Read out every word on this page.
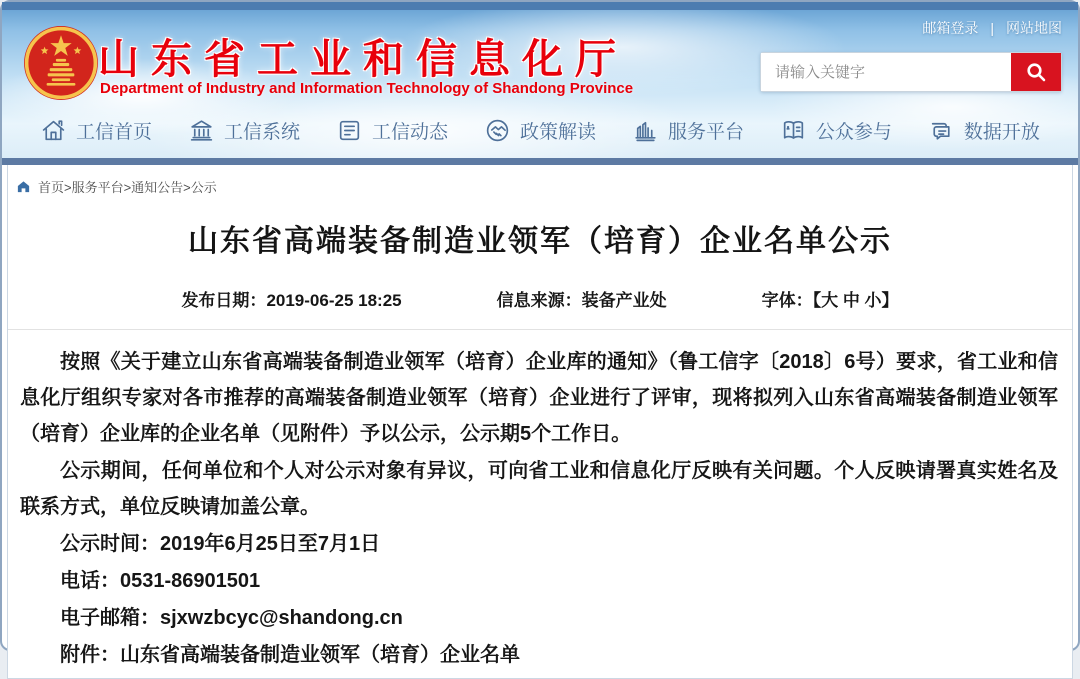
山东省工业和信息化厅
Department of Industry and Information Technology of Shandong Province
邮箱登录 | 网站地图
请输入关键字
工信首页	工信系统	工信动态	政策解读	服务平台	公众参与	数据开放
首页>服务平台>通知公告>公示
山东省高端装备制造业领军（培育）企业名单公示
发布日期：2019-06-25 18:25	信息来源：装备产业处	字体：【大 中 小】

按照《关于建立山东省高端装备制造业领军（培育）企业库的通知》（鲁工信字〔2018〕6号）要求，省工业和信息化厅组织专家对各市推荐的高端装备制造业领军（培育）企业进行了评审，现将拟列入山东省高端装备制造业领军（培育）企业库的企业名单（见附件）予以公示，公示期5个工作日。

公示期间，任何单位和个人对公示对象有异议，可向省工业和信息化厅反映有关问题。个人反映请署真实姓名及联系方式，单位反映请加盖公章。

公示时间：2019年6月25日至7月1日

电话：0531-86901501

电子邮箱：sjxwzbcyc@shandong.cn

附件：山东省高端装备制造业领军（培育）企业名单
